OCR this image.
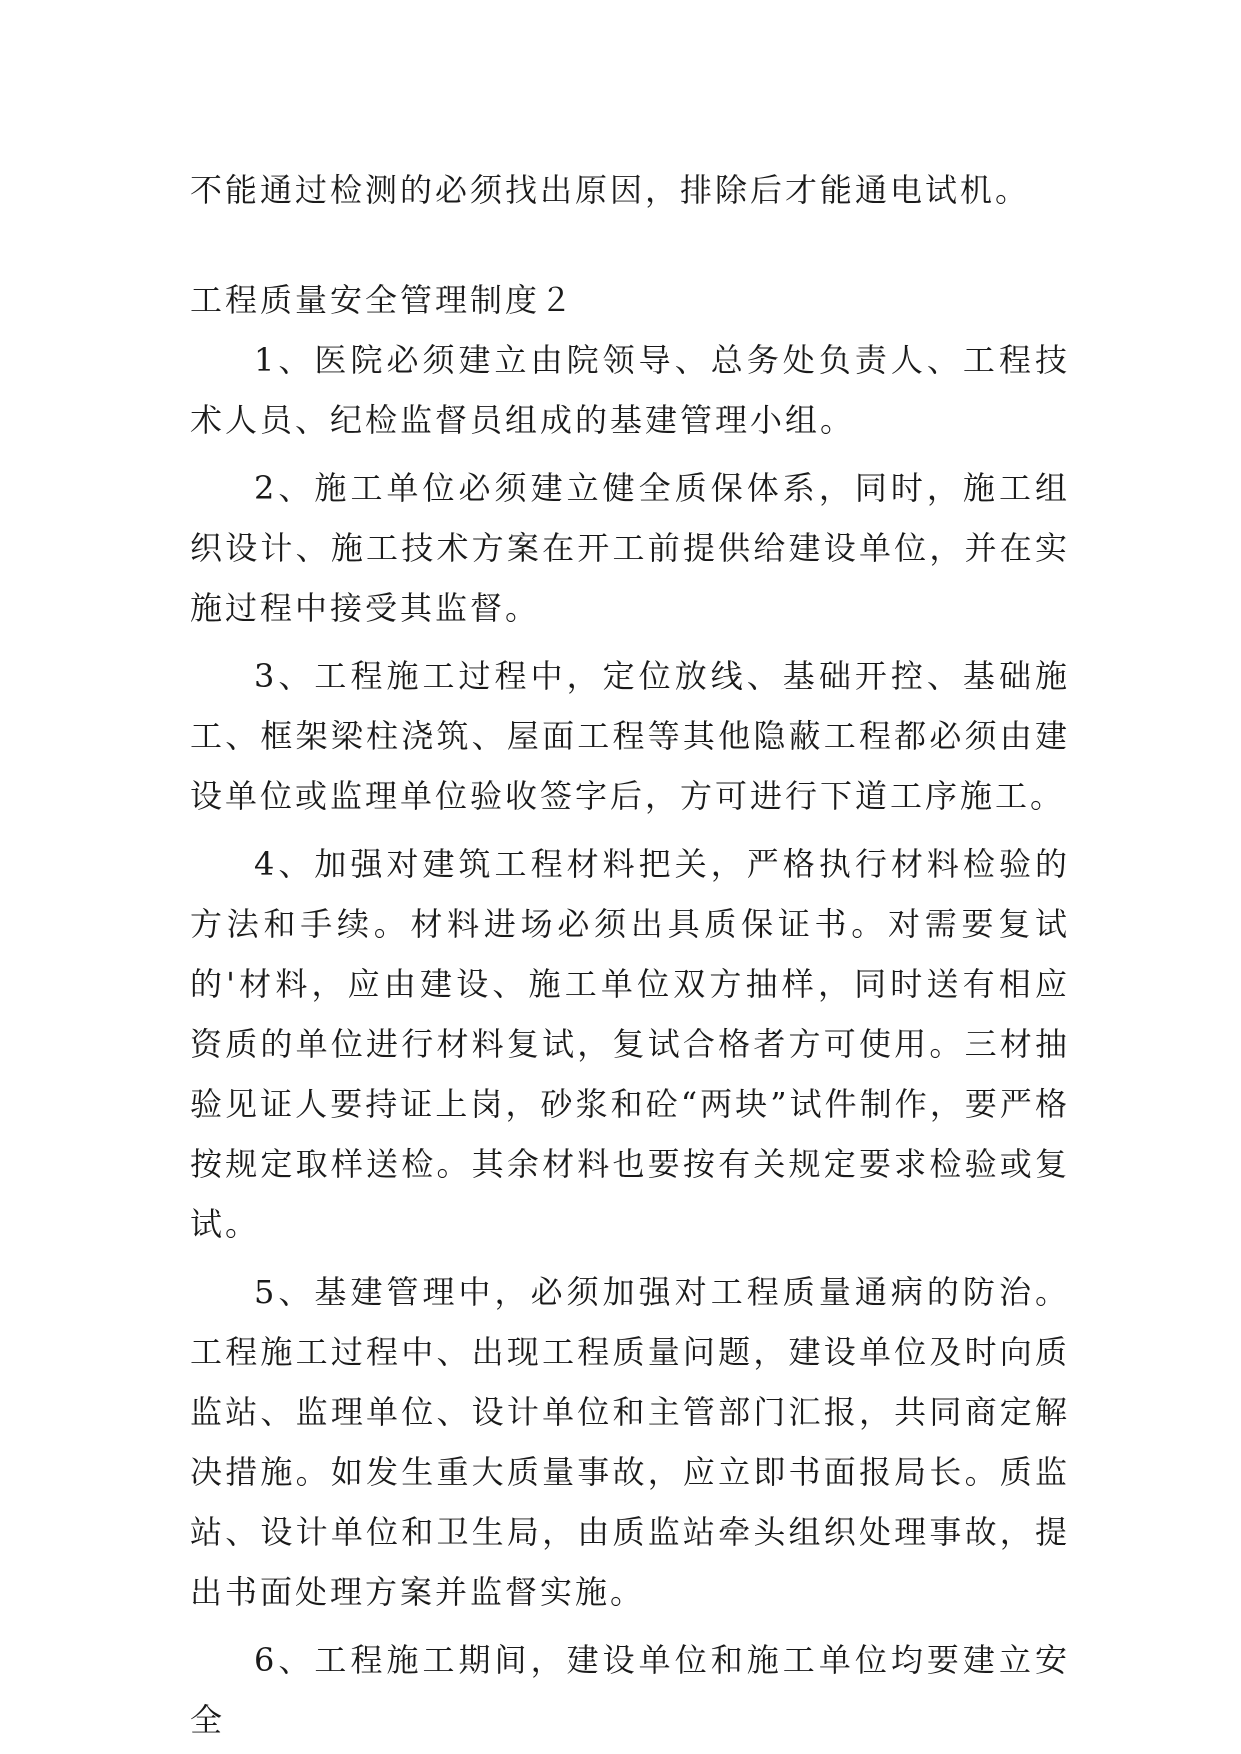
不能通过检测的必须找出原因，排除后才能通电试机。

工程质量安全管理制度２

1、医院必须建立由院领导、总务处负责人、工程技术人员、纪检监督员组成的基建管理小组。

2、施工单位必须建立健全质保体系，同时，施工组织设计、施工技术方案在开工前提供给建设单位，并在实施过程中接受其监督。

3、工程施工过程中，定位放线、基础开控、基础施工、框架梁柱浇筑、屋面工程等其他隐蔽工程都必须由建设单位或监理单位验收签字后，方可进行下道工序施工。

4、加强对建筑工程材料把关，严格执行材料检验的方法和手续。材料进场必须出具质保证书。对需要复试的'材料，应由建设、施工单位双方抽样，同时送有相应资质的单位进行材料复试，复试合格者方可使用。三材抽验见证人要持证上岗，砂浆和砼“两块”试件制作，要严格按规定取样送检。其余材料也要按有关规定要求检验或复试。

5、基建管理中，必须加强对工程质量通病的防治。工程施工过程中、出现工程质量问题，建设单位及时向质监站、监理单位、设计单位和主管部门汇报，共同商定解决措施。如发生重大质量事故，应立即书面报局长。质监站、设计单位和卫生局，由质监站牵头组织处理事故，提出书面处理方案并监督实施。

6、工程施工期间，建设单位和施工单位均要建立安全
